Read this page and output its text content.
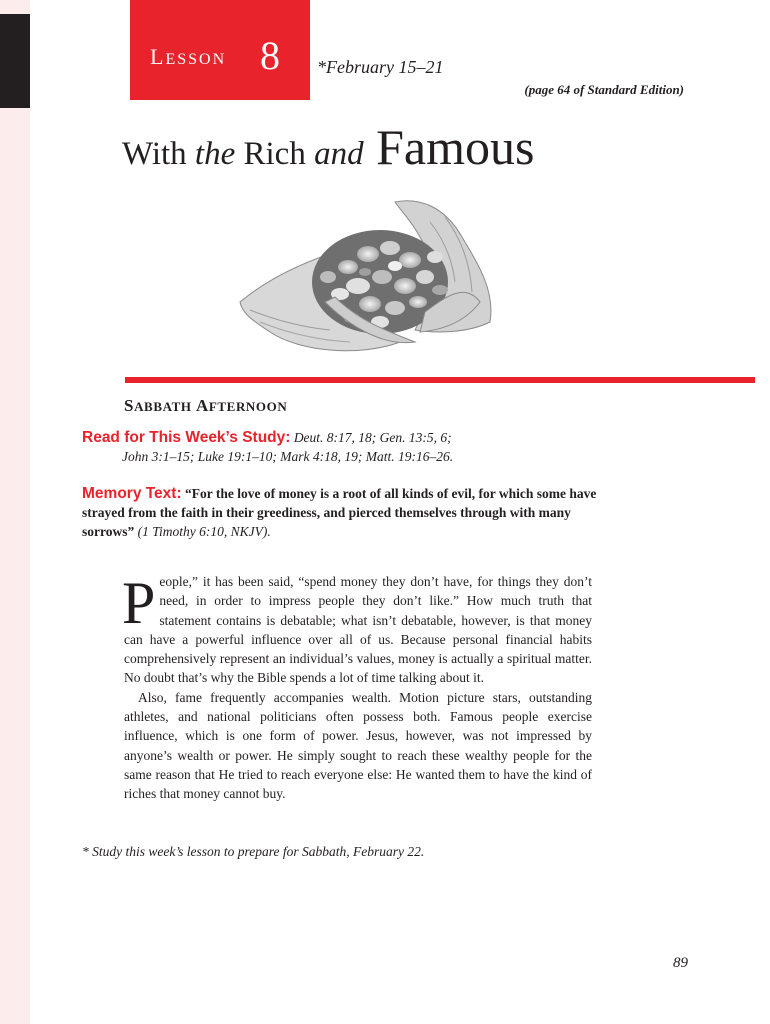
LESSON 8 *February 15–21
(page 64 of Standard Edition)
With the Rich and Famous
SABBATH AFTERNOON
Read for This Week’s Study: Deut. 8:17, 18; Gen. 13:5, 6;
John 3:1–15; Luke 19:1–10; Mark 4:18, 19; Matt. 19:16–26.
Memory Text: “For the love of money is a root of all kinds of evil, for which some have strayed from the faith in their greediness, and pierced themselves through with many sorrows” (1 Timothy 6:10, NKJV).

People,” it has been said, “spend money they don’t have, for things they don’t need, in order to impress people they don’t like.” How much truth that statement contains is debatable; what isn’t debatable, however, is that money can have a powerful influence over all of us. Because personal financial habits comprehensively represent an individual’s values, money is actually a spiritual matter. No doubt that’s why the Bible spends a lot of time talking about it.

Also, fame frequently accompanies wealth. Motion picture stars, outstanding athletes, and national politicians often possess both. Famous people exercise influence, which is one form of power. Jesus, however, was not impressed by anyone’s wealth or power. He simply sought to reach these wealthy people for the same reason that He tried to reach everyone else: He wanted them to have the kind of riches that money cannot buy.

* Study this week’s lesson to prepare for Sabbath, February 22.
89
